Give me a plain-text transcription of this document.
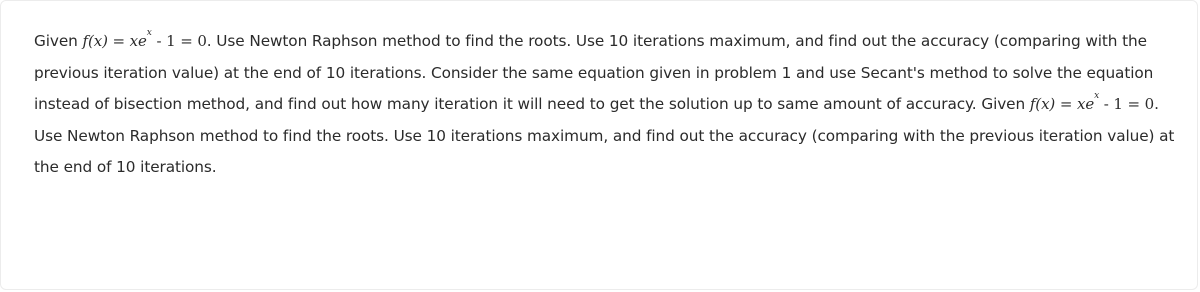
Given f(x) = xex - 1 = 0. Use Newton Raphson method to find the roots. Use 10 iterations maximum, and find out the accuracy (comparing with the previous iteration value) at the end of 10 iterations. Consider the same equation given in problem 1 and use Secant's method to solve the equation instead of bisection method, and find out how many iteration it will need to get the solution up to same amount of accuracy. Given f(x) = xex - 1 = 0. Use Newton Raphson method to find the roots. Use 10 iterations maximum, and find out the accuracy (comparing with the previous iteration value) at the end of 10 iterations.
